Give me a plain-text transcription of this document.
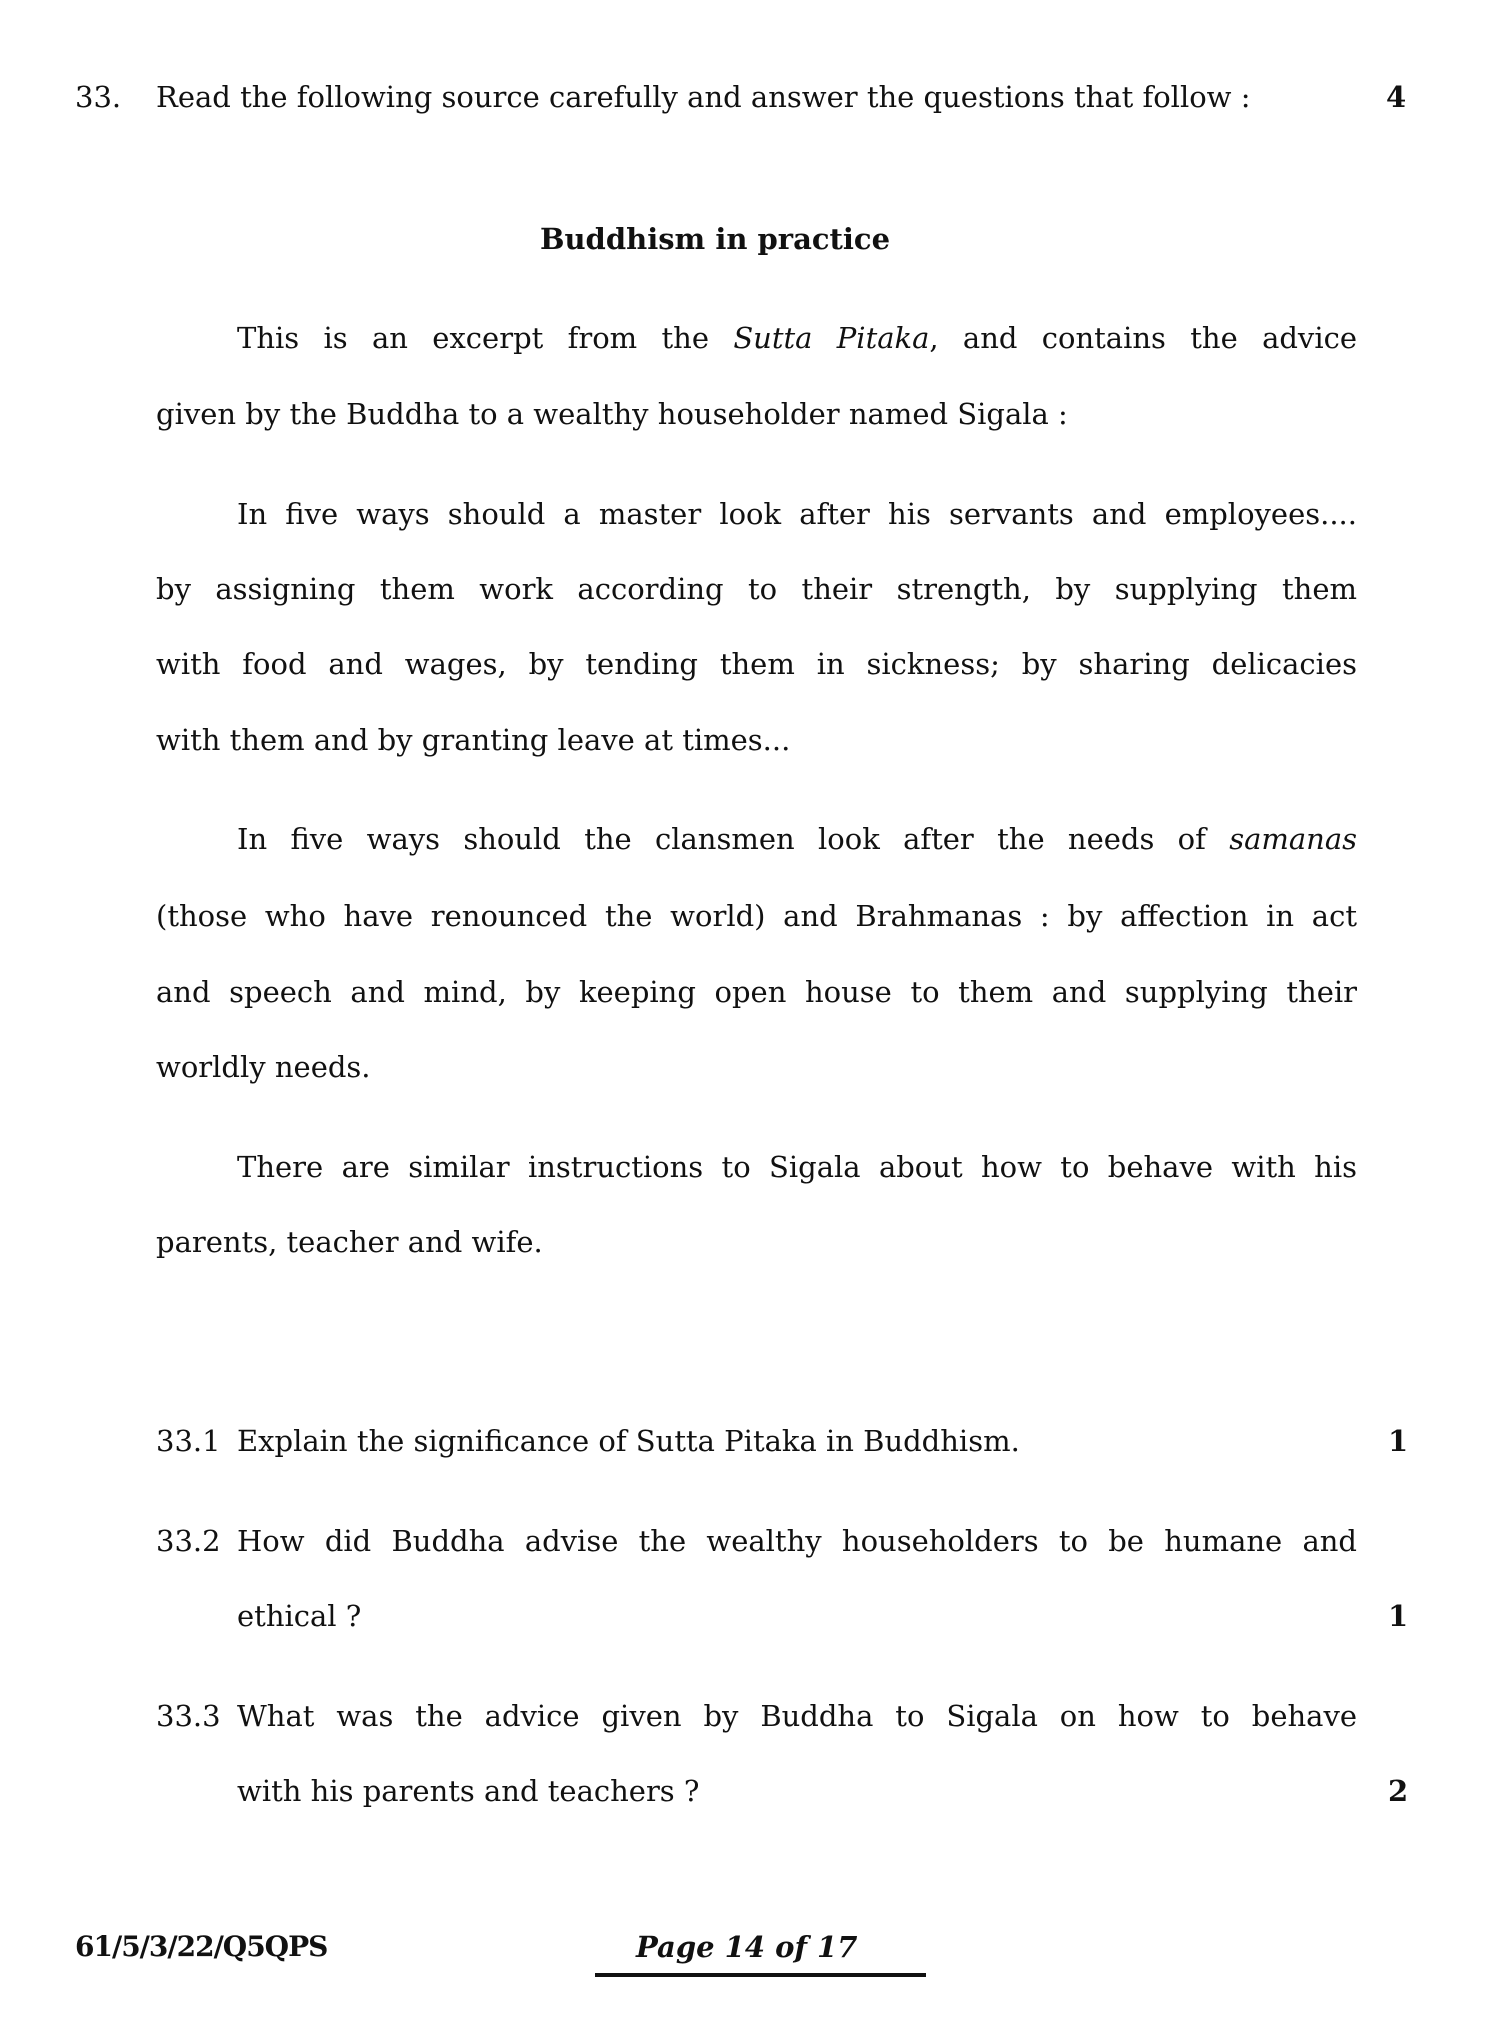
33. Read the following source carefully and answer the questions that follow :	4
Buddhism in practice
This is an excerpt from the Sutta Pitaka, and contains the advice
given by the Buddha to a wealthy householder named Sigala :
In five ways should a master look after his servants and employees....
by assigning them work according to their strength, by supplying them
with food and wages, by tending them in sickness; by sharing delicacies
with them and by granting leave at times...
In five ways should the clansmen look after the needs of samanas
(those who have renounced the world) and Brahmanas : by affection in act
and speech and mind, by keeping open house to them and supplying their
worldly needs.
There are similar instructions to Sigala about how to behave with his
parents, teacher and wife.
33.1 Explain the significance of Sutta Pitaka in Buddhism.	1
33.2 How did Buddha advise the wealthy householders to be humane and
ethical ?	1
33.3 What was the advice given by Buddha to Sigala on how to behave
with his parents and teachers ?	2
61/5/3/22/Q5QPS	Page 14 of 17
